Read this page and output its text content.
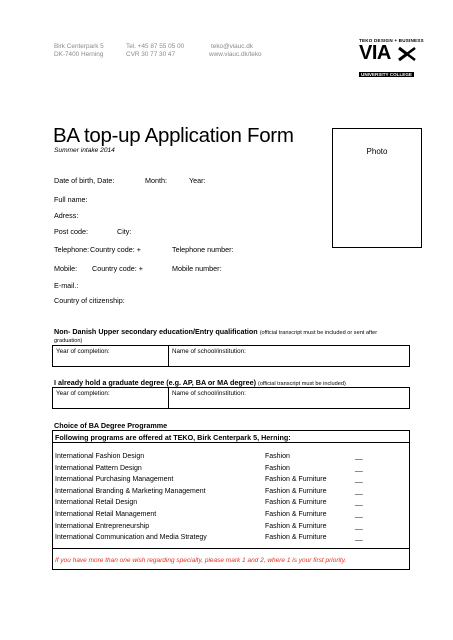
Birk Centerpark 5
DK-7400 Herning
Tel. +45 87 55 05 00
CVR 30 77 30 47
teko@viauc.dk
www.viauc.dk/teko
TEKO DESIGN + BUSINESS
VIA
UNIVERSITY COLLEGE
BA top-up Application Form
Summer intake 2014	Photo
Date of birth, Date:	Month:	Year:
Full name:
Adress:
Post code:	City:
Telephone: Country code: +	Telephone number:
Mobile: Country code: +	Mobile number:
E-mail.:
Country of citizenship:
Non- Danish Upper secondary education/Entry qualification (official transcript must be included or sent after
graduation)
Year of completion:	Name of school/institution:
I already hold a graduate degree (e.g. AP, BA or MA degree) (official transcript must be included)
Year of completion:	Name of school/institution:
Choice of BA Degree Programme
Following programs are offered at TEKO, Birk Centerpark 5, Herning:
International Fashion Design	Fashion	__
International Pattern Design	Fashion	__
International Purchasing Management	Fashion & Furniture	__
International Branding & Marketing Management	Fashion & Furniture	__
International Retail Design	Fashion & Furniture	__
International Retail Management	Fashion & Furniture	__
International Entrepreneurship	Fashion & Furniture	__
International Communication and Media Strategy	Fashion & Furniture	__
If you have more than one wish regarding specialty, please mark 1 and 2, where 1 is your first priority.
